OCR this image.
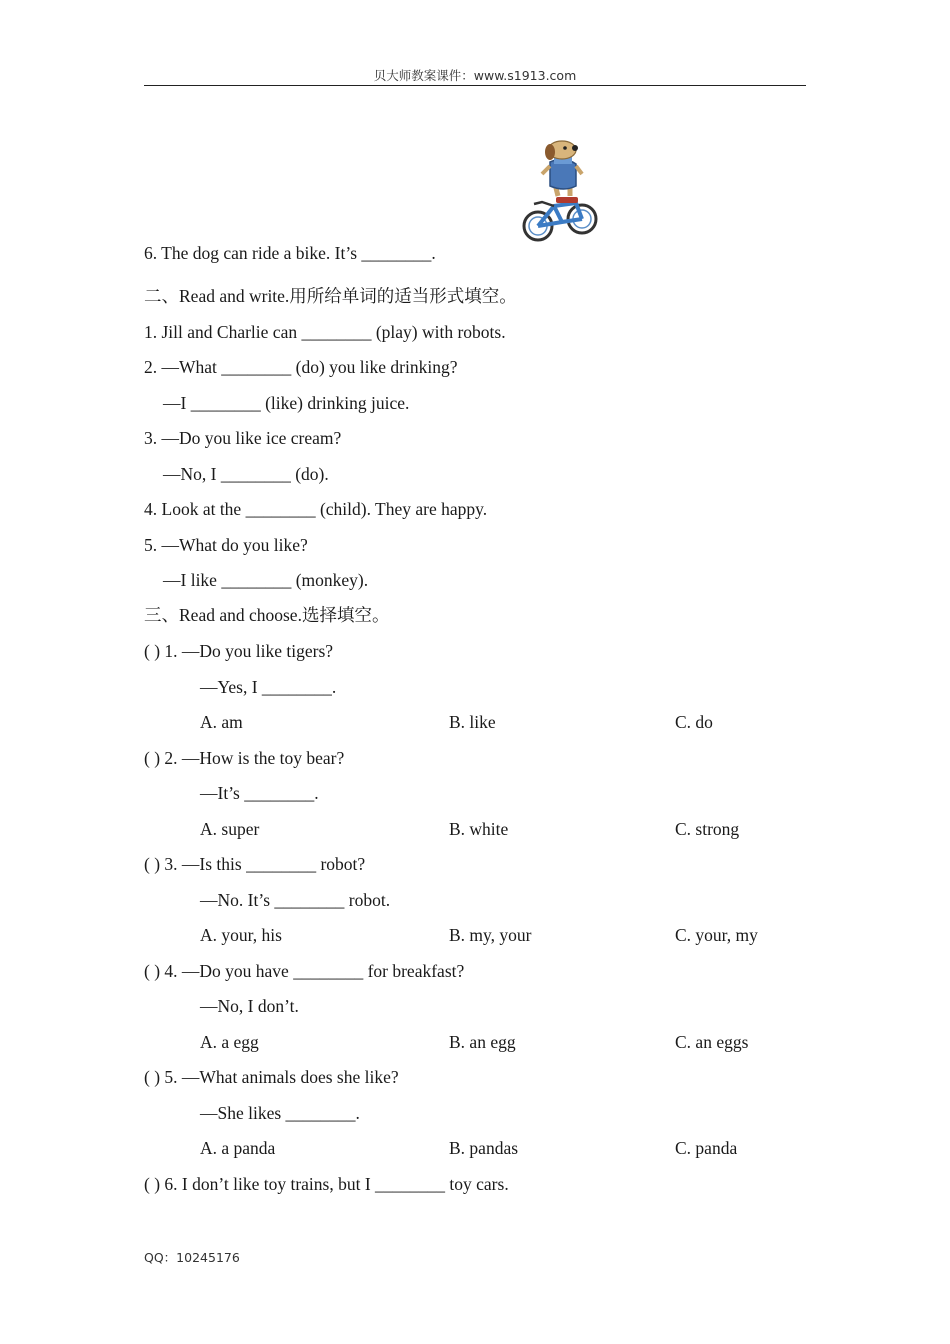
贝大师教案课件：www.s1913.com
6. The dog can ride a bike. It’s ________.
二、Read and write.用所给单词的适当形式填空。
1. Jill and Charlie can ________ (play) with robots.
2. —What ________ (do) you like drinking?
—I ________ (like) drinking juice.
3. —Do you like ice cream?
—No, I ________ (do).
4. Look at the ________ (child). They are happy.
5. —What do you like?
—I like ________ (monkey).
三、Read and choose.选择填空。
( ) 1. —Do you like tigers?
—Yes, I ________.
A. am	B. like	C. do
( ) 2. —How is the toy bear?
—It’s ________.
A. super	B. white	C. strong
( ) 3. —Is this ________ robot?
—No. It’s ________ robot.
A. your, his	B. my, your	C. your, my
( ) 4. —Do you have ________ for breakfast?
—No, I don’t.
A. a egg	B. an egg	C. an eggs
( ) 5. —What animals does she like?
—She likes ________.
A. a panda	B. pandas	C. panda
( ) 6. I don’t like toy trains, but I ________ toy cars.
QQ：10245176
